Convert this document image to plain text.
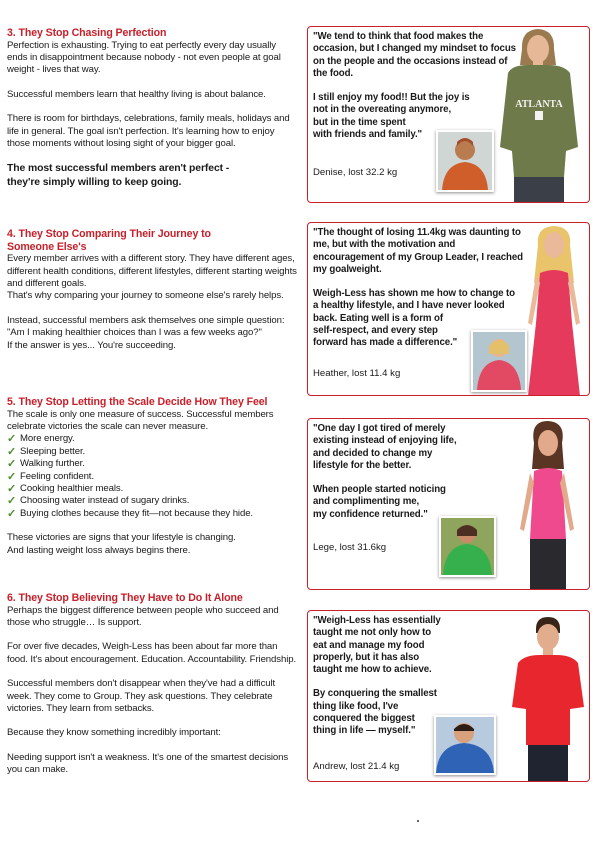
3. They Stop Chasing Perfection

Perfection is exhausting. Trying to eat perfectly every day usually ends in disappointment because nobody - not even people at goal weight - lives that way.

Successful members learn that healthy living is about balance.

There is room for birthdays, celebrations, family meals, holidays and life in general. The goal isn't perfection. It's learning how to enjoy those moments without losing sight of your bigger goal.

The most successful members aren't perfect - they're simply willing to keep going.

4. They Stop Comparing Their Journey to Someone Else's

Every member arrives with a different story. They have different ages, different health conditions, different lifestyles, different starting weights and different goals.

That's why comparing your journey to someone else's rarely helps.

Instead, successful members ask themselves one simple question:

"Am I making healthier choices than I was a few weeks ago?"

If the answer is yes... You're succeeding.

5. They Stop Letting the Scale Decide How They Feel

The scale is only one measure of success. Successful members celebrate victories the scale can never measure.

✓ More energy.
✓ Sleeping better.
✓ Walking further.
✓ Feeling confident.
✓ Cooking healthier meals.
✓ Choosing water instead of sugary drinks.
✓ Buying clothes because they fit—not because they hide.

These victories are signs that your lifestyle is changing.

And lasting weight loss always begins there.

6. They Stop Believing They Have to Do It Alone

Perhaps the biggest difference between people who succeed and those who struggle… Is support.

For over five decades, Weigh-Less has been about far more than food. It's about encouragement. Education. Accountability. Friendship.

Successful members don't disappear when they've had a difficult week. They come to Group. They ask questions. They celebrate victories. They learn from setbacks.

Because they know something incredibly important:

Needing support isn't a weakness. It's one of the smartest decisions you can make.

"We tend to think that food makes the
occasion, but I changed my mindset to focus
on the people and the occasions instead of
the food.

I still enjoy my food!! But the joy is
not in the overeating anymore,
but in the time spent
with friends and family."

Denise, lost 32.2 kg
ATLANTA

"The thought of losing 11.4kg was daunting to
me, but with the motivation and
encouragement of my Group Leader, I reached
my goalweight.

Weigh-Less has shown me how to change to
a healthy lifestyle, and I have never looked
back. Eating well is a form of
self-respect, and every step
forward has made a difference."

Heather, lost 11.4 kg

"One day I got tired of merely
existing instead of enjoying life,
and decided to change my
lifestyle for the better.

When people started noticing
and complimenting me,
my confidence returned."

Lege, lost 31.6kg

"Weigh-Less has essentially
taught me not only how to
eat and manage my food
properly, but it has also
taught me how to achieve.

By conquering the smallest
thing like food, I've
conquered the biggest
thing in life — myself."

Andrew, lost 21.4 kg
